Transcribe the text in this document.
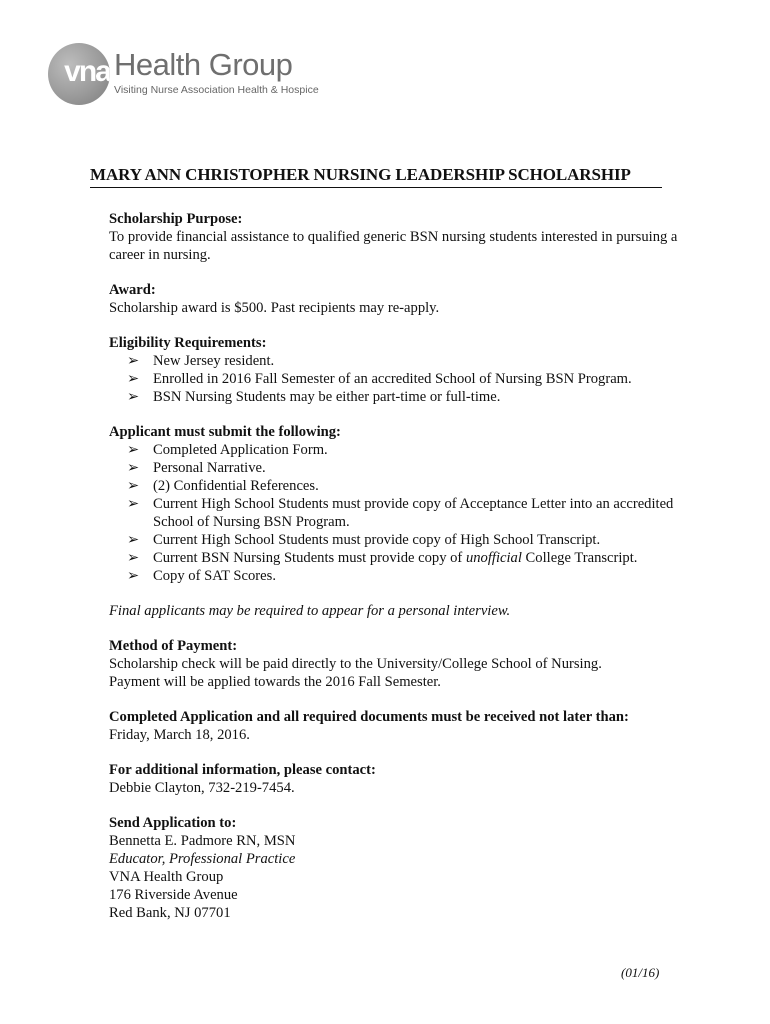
vna Health Group
Visiting Nurse Association Health & Hospice
MARY ANN CHRISTOPHER NURSING LEADERSHIP SCHOLARSHIP
Scholarship Purpose:
To provide financial assistance to qualified generic BSN nursing students interested in pursuing a career in nursing.
Award:
Scholarship award is $500. Past recipients may re-apply.
Eligibility Requirements:
➢ New Jersey resident.
➢ Enrolled in 2016 Fall Semester of an accredited School of Nursing BSN Program.
➢ BSN Nursing Students may be either part-time or full-time.
Applicant must submit the following:
➢ Completed Application Form.
➢ Personal Narrative.
➢ (2) Confidential References.
➢ Current High School Students must provide copy of Acceptance Letter into an accredited School of Nursing BSN Program.
➢ Current High School Students must provide copy of High School Transcript.
➢ Current BSN Nursing Students must provide copy of unofficial College Transcript.
➢ Copy of SAT Scores.
Final applicants may be required to appear for a personal interview.
Method of Payment:
Scholarship check will be paid directly to the University/College School of Nursing.
Payment will be applied towards the 2016 Fall Semester.
Completed Application and all required documents must be received not later than:
Friday, March 18, 2016.
For additional information, please contact:
Debbie Clayton, 732-219-7454.
Send Application to:
Bennetta E. Padmore RN, MSN
Educator, Professional Practice
VNA Health Group
176 Riverside Avenue
Red Bank, NJ 07701
(01/16)
